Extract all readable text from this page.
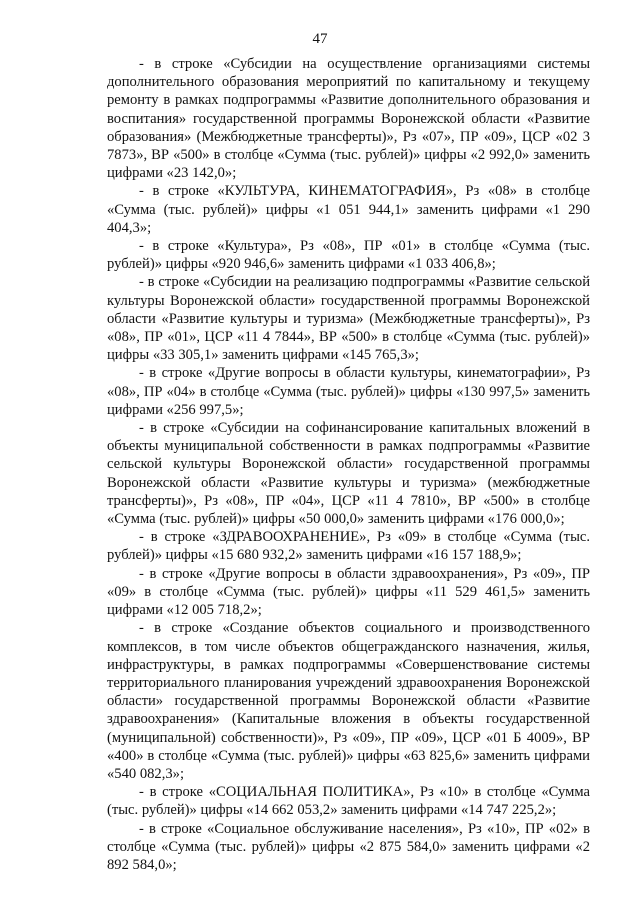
47

- в строке «Субсидии на осуществление организациями системы дополнительного образования мероприятий по капитальному и текущему ремонту в рамках подпрограммы «Развитие дополнительного образования и воспитания» государственной программы Воронежской области «Развитие образования» (Межбюджетные трансферты)», Рз «07», ПР «09», ЦСР «02 3 7873», ВР «500» в столбце «Сумма (тыс. рублей)» цифры «2 992,0» заменить цифрами «23 142,0»;

- в строке «КУЛЬТУРА, КИНЕМАТОГРАФИЯ», Рз «08» в столбце «Сумма (тыс. рублей)» цифры «1 051 944,1» заменить цифрами «1 290 404,3»;

- в строке «Культура», Рз «08», ПР «01» в столбце «Сумма (тыс. рублей)» цифры «920 946,6» заменить цифрами «1 033 406,8»;

- в строке «Субсидии на реализацию подпрограммы «Развитие сельской культуры Воронежской области» государственной программы Воронежской области «Развитие культуры и туризма» (Межбюджетные трансферты)», Рз «08», ПР «01», ЦСР «11 4 7844», ВР «500» в столбце «Сумма (тыс. рублей)» цифры «33 305,1» заменить цифрами «145 765,3»;

- в строке «Другие вопросы в области культуры, кинематографии», Рз «08», ПР «04» в столбце «Сумма (тыс. рублей)» цифры «130 997,5» заменить цифрами «256 997,5»;

- в строке «Субсидии на софинансирование капитальных вложений в объекты муниципальной собственности в рамках подпрограммы «Развитие сельской культуры Воронежской области» государственной программы Воронежской области «Развитие культуры и туризма» (межбюджетные трансферты)», Рз «08», ПР «04», ЦСР «11 4 7810», ВР «500» в столбце «Сумма (тыс. рублей)» цифры «50 000,0» заменить цифрами «176 000,0»;

- в строке «ЗДРАВООХРАНЕНИЕ», Рз «09» в столбце «Сумма (тыс. рублей)» цифры «15 680 932,2» заменить цифрами «16 157 188,9»;

- в строке «Другие вопросы в области здравоохранения», Рз «09», ПР «09» в столбце «Сумма (тыс. рублей)» цифры «11 529 461,5» заменить цифрами «12 005 718,2»;

- в строке «Создание объектов социального и производственного комплексов, в том числе объектов общегражданского назначения, жилья, инфраструктуры, в рамках подпрограммы «Совершенствование системы территориального планирования учреждений здравоохранения Воронежской области» государственной программы Воронежской области «Развитие здравоохранения» (Капитальные вложения в объекты государственной (муниципальной) собственности)», Рз «09», ПР «09», ЦСР «01 Б 4009», ВР «400» в столбце «Сумма (тыс. рублей)» цифры «63 825,6» заменить цифрами «540 082,3»;

- в строке «СОЦИАЛЬНАЯ ПОЛИТИКА», Рз «10» в столбце «Сумма (тыс. рублей)» цифры «14 662 053,2» заменить цифрами «14 747 225,2»;

- в строке «Социальное обслуживание населения», Рз «10», ПР «02» в столбце «Сумма (тыс. рублей)» цифры «2 875 584,0» заменить цифрами «2 892 584,0»;
